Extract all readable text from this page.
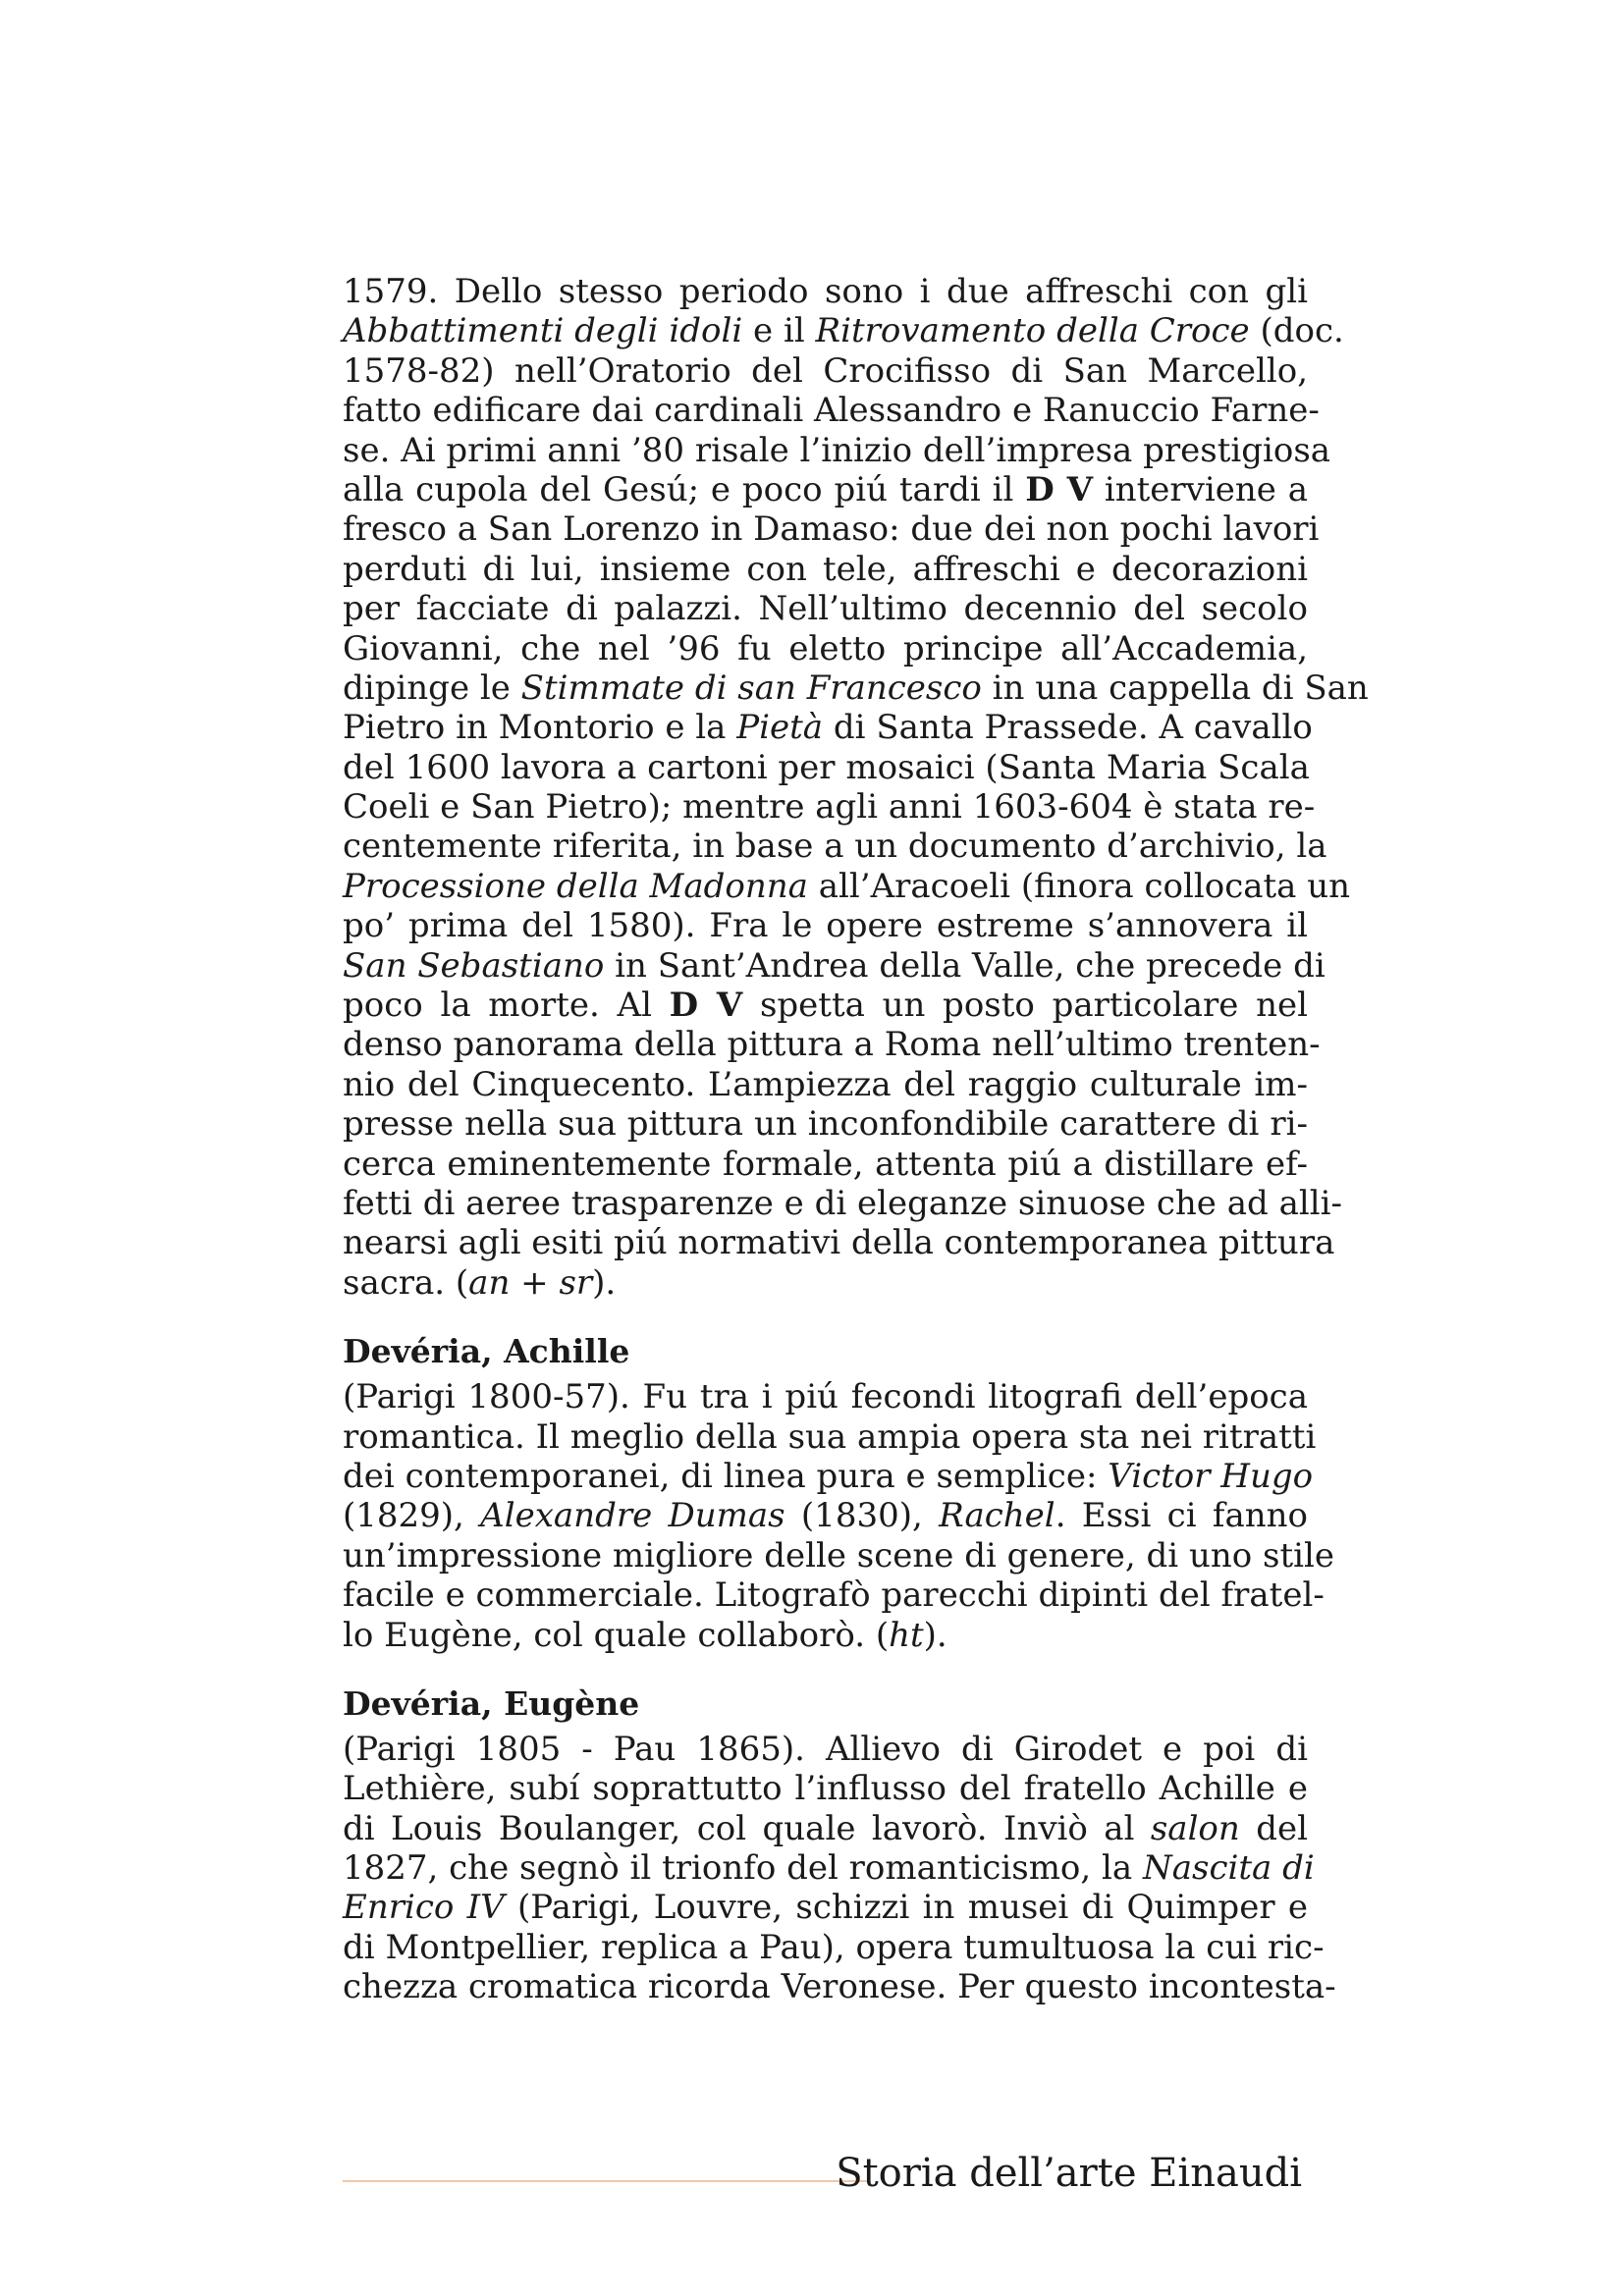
1579. Dello stesso periodo sono i due affreschi con gli
Abbattimenti degli idoli e il Ritrovamento della Croce (doc.
1578-82) nell’Oratorio del Crocifisso di San Marcello,
fatto edificare dai cardinali Alessandro e Ranuccio Farne-
se. Ai primi anni ’80 risale l’inizio dell’impresa prestigiosa
alla cupola del Gesú; e poco piú tardi il D V interviene a
fresco a San Lorenzo in Damaso: due dei non pochi lavori
perduti di lui, insieme con tele, affreschi e decorazioni
per facciate di palazzi. Nell’ultimo decennio del secolo
Giovanni, che nel ’96 fu eletto principe all’Accademia,
dipinge le Stimmate di san Francesco in una cappella di San
Pietro in Montorio e la Pietà di Santa Prassede. A cavallo
del 1600 lavora a cartoni per mosaici (Santa Maria Scala
Coeli e San Pietro); mentre agli anni 1603-604 è stata re-
centemente riferita, in base a un documento d’archivio, la
Processione della Madonna all’Aracoeli (finora collocata un
po’ prima del 1580). Fra le opere estreme s’annovera il
San Sebastiano in Sant’Andrea della Valle, che precede di
poco la morte. Al D V spetta un posto particolare nel
denso panorama della pittura a Roma nell’ultimo trenten-
nio del Cinquecento. L’ampiezza del raggio culturale im-
presse nella sua pittura un inconfondibile carattere di ri-
cerca eminentemente formale, attenta piú a distillare ef-
fetti di aeree trasparenze e di eleganze sinuose che ad alli-
nearsi agli esiti piú normativi della contemporanea pittura
sacra. (an + sr).
Devéria, Achille
(Parigi 1800-57). Fu tra i piú fecondi litografi dell’epoca
romantica. Il meglio della sua ampia opera sta nei ritratti
dei contemporanei, di linea pura e semplice: Victor Hugo
(1829), Alexandre Dumas (1830), Rachel. Essi ci fanno
un’impressione migliore delle scene di genere, di uno stile
facile e commerciale. Litografò parecchi dipinti del fratel-
lo Eugène, col quale collaborò. (ht).
Devéria, Eugène
(Parigi 1805 - Pau 1865). Allievo di Girodet e poi di
Lethière, subí soprattutto l’influsso del fratello Achille e
di Louis Boulanger, col quale lavorò. Inviò al salon del
1827, che segnò il trionfo del romanticismo, la Nascita di
Enrico IV (Parigi, Louvre, schizzi in musei di Quimper e
di Montpellier, replica a Pau), opera tumultuosa la cui ric-
chezza cromatica ricorda Veronese. Per questo incontesta-
Storia dell’arte Einaudi
